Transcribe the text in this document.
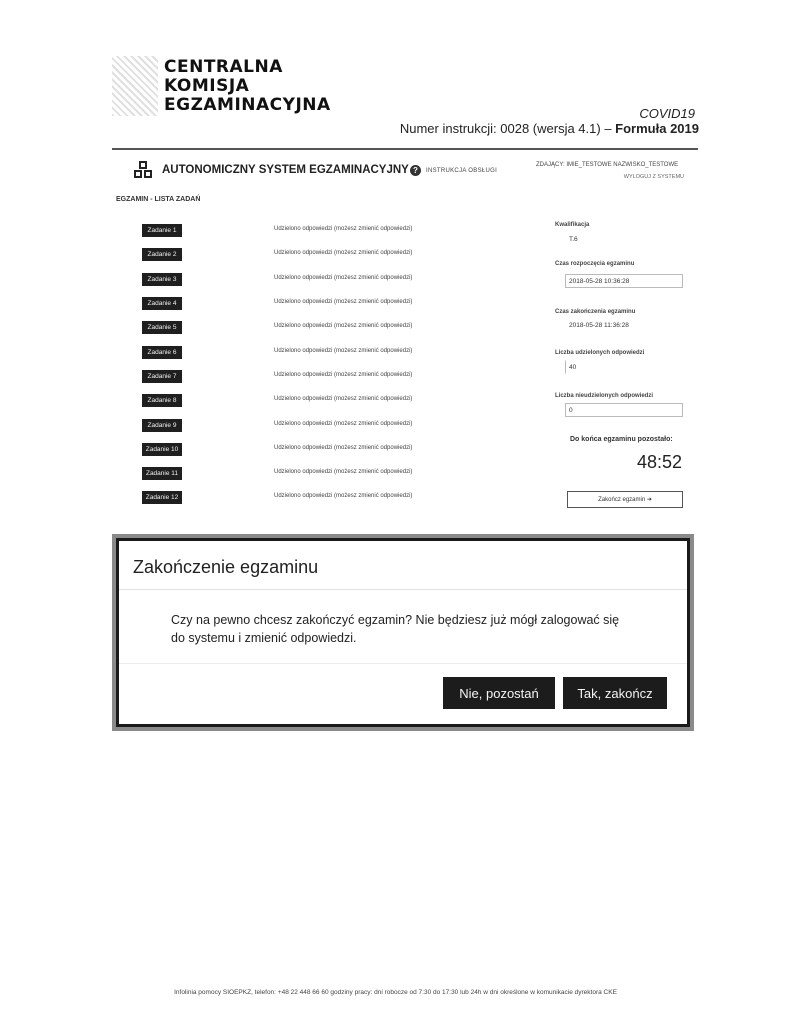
CENTRALNA
KOMISJA
EGZAMINACYJNA	COVID19
Numer instrukcji: 0028 (wersja 4.1) – Formuła 2019
AUTONOMICZNY SYSTEM EGZAMINACYJNY ?	INSTRUKCJA OBSŁUGI
ZDAJĄCY: IMIE_TESTOWE NAZWISKO_TESTOWE
WYLOGUJ Z SYSTEMU
EGZAMIN - LISTA ZADAŃ
Zadanie 1	Udzielono odpowiedzi (możesz zmienić odpowiedzi)
Zadanie 2	Udzielono odpowiedzi (możesz zmienić odpowiedzi)
Zadanie 3	Udzielono odpowiedzi (możesz zmienić odpowiedzi)
Zadanie 4	Udzielono odpowiedzi (możesz zmienić odpowiedzi)
Zadanie 5	Udzielono odpowiedzi (możesz zmienić odpowiedzi)
Zadanie 6	Udzielono odpowiedzi (możesz zmienić odpowiedzi)
Zadanie 7	Udzielono odpowiedzi (możesz zmienić odpowiedzi)
Zadanie 8	Udzielono odpowiedzi (możesz zmienić odpowiedzi)
Zadanie 9	Udzielono odpowiedzi (możesz zmienić odpowiedzi)
Zadanie 10	Udzielono odpowiedzi (możesz zmienić odpowiedzi)
Zadanie 11	Udzielono odpowiedzi (możesz zmienić odpowiedzi)
Zadanie 12	Udzielono odpowiedzi (możesz zmienić odpowiedzi)
Kwalifikacja
T.6
Czas rozpoczęcia egzaminu
2018-05-28 10:36:28
Czas zakończenia egzaminu
2018-05-28 11:36:28
Liczba udzielonych odpowiedzi
40
Liczba nieudzielonych odpowiedzi
0
Do końca egzaminu pozostało:
48:52
Zakończ egzamin ➜
Zakończenie egzaminu
Czy na pewno chcesz zakończyć egzamin? Nie będziesz już mógł zalogować się do systemu i zmienić odpowiedzi.
Nie, pozostań	Tak, zakończ
Infolinia pomocy SIOEPKZ, telefon: +48 22 448 66 60 godziny pracy: dni robocze od 7:30 do 17:30 lub 24h w dni określone w komunikacie dyrektora CKE
